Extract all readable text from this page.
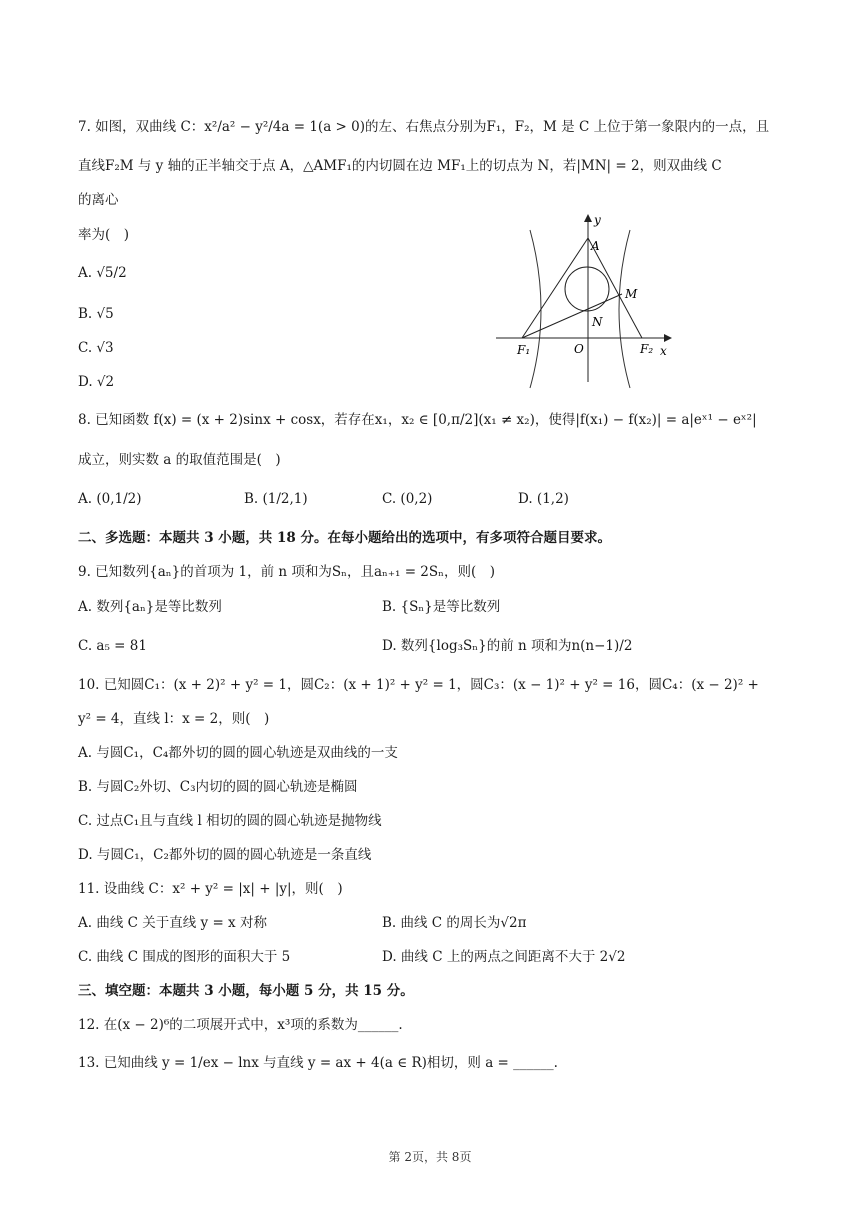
7. 如图，双曲线 C：x²/a² − y²/4a = 1(a > 0)的左、右焦点分别为F₁，F₂，M 是 C 上位于第一象限内的一点，且
直线F₂M 与 y 轴的正半轴交于点 A，△AMF₁的内切圆在边 MF₁上的切点为 N，若|MN| = 2，则双曲线 C
的离心
率为(　)
A. √5/2
B. √5
C. √3
D. √2
y
A
M
N
O
F₁	F₂ x
8. 已知函数 f(x) = (x + 2)sinx + cosx，若存在x₁，x₂ ∈ [0,π/2](x₁ ≠ x₂)，使得|f(x₁) − f(x₂)| = a|eˣ¹ − eˣ²|
成立，则实数 a 的取值范围是(　)
A. (0,1/2)	B. (1/2,1)	C. (0,2)	D. (1,2)
二、多选题：本题共 3 小题，共 18 分。在每小题给出的选项中，有多项符合题目要求。
9. 已知数列{aₙ}的首项为 1，前 n 项和为Sₙ，且aₙ₊₁ = 2Sₙ，则(　)
A. 数列{aₙ}是等比数列	B. {Sₙ}是等比数列
C. a₅ = 81	D. 数列{log₃Sₙ}的前 n 项和为n(n−1)/2
10. 已知圆C₁：(x + 2)² + y² = 1，圆C₂：(x + 1)² + y² = 1，圆C₃：(x − 1)² + y² = 16，圆C₄：(x − 2)² +
y² = 4，直线 l：x = 2，则(　)
A. 与圆C₁，C₄都外切的圆的圆心轨迹是双曲线的一支
B. 与圆C₂外切、C₃内切的圆的圆心轨迹是椭圆
C. 过点C₁且与直线 l 相切的圆的圆心轨迹是抛物线
D. 与圆C₁，C₂都外切的圆的圆心轨迹是一条直线
11. 设曲线 C：x² + y² = |x| + |y|，则(　)
A. 曲线 C 关于直线 y = x 对称	B. 曲线 C 的周长为√2π
C. 曲线 C 围成的图形的面积大于 5	D. 曲线 C 上的两点之间距离不大于 2√2
三、填空题：本题共 3 小题，每小题 5 分，共 15 分。
12. 在(x − 2)⁶的二项展开式中，x³项的系数为______.
13. 已知曲线 y = 1/ex − lnx 与直线 y = ax + 4(a ∈ R)相切，则 a = ______.
第 2页，共 8页
